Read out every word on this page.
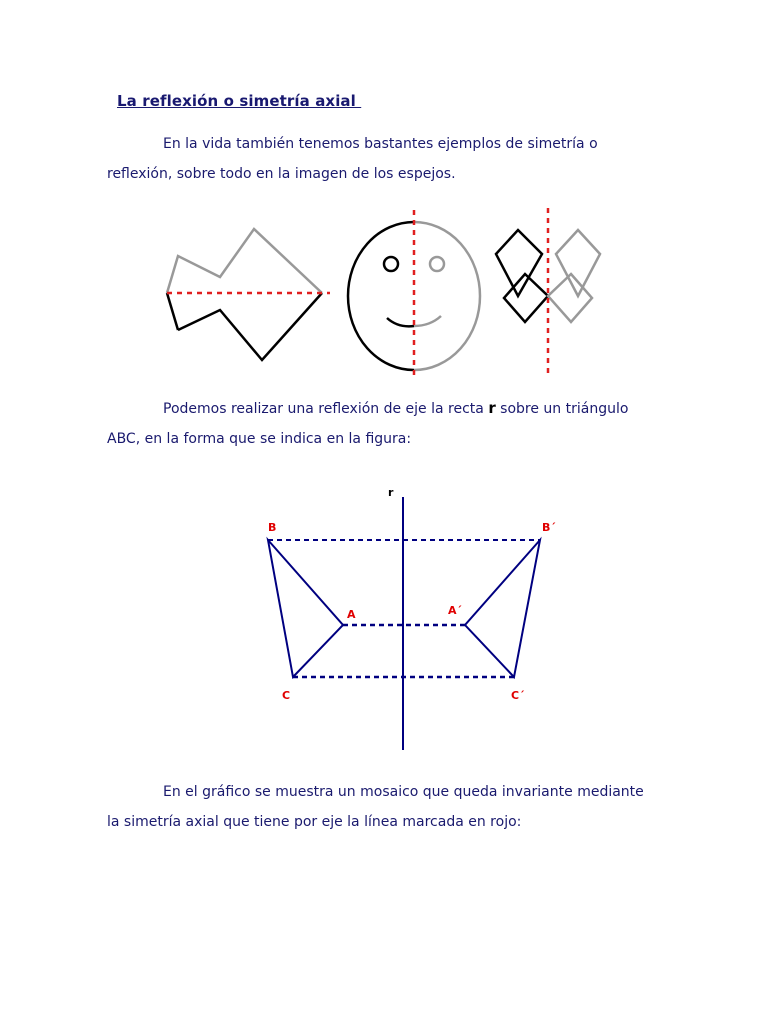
La reflexión o simetría axial
En la vida también tenemos bastantes ejemplos de simetría o reflexión, sobre todo en la imagen de los espejos.
Podemos realizar una reflexión de eje la recta r sobre un triángulo ABC, en la forma que se indica en la figura:
r
B	B´
A	A´
C	C´
En el gráfico se muestra un mosaico que queda invariante mediante la simetría axial que tiene por eje la línea marcada en rojo:
